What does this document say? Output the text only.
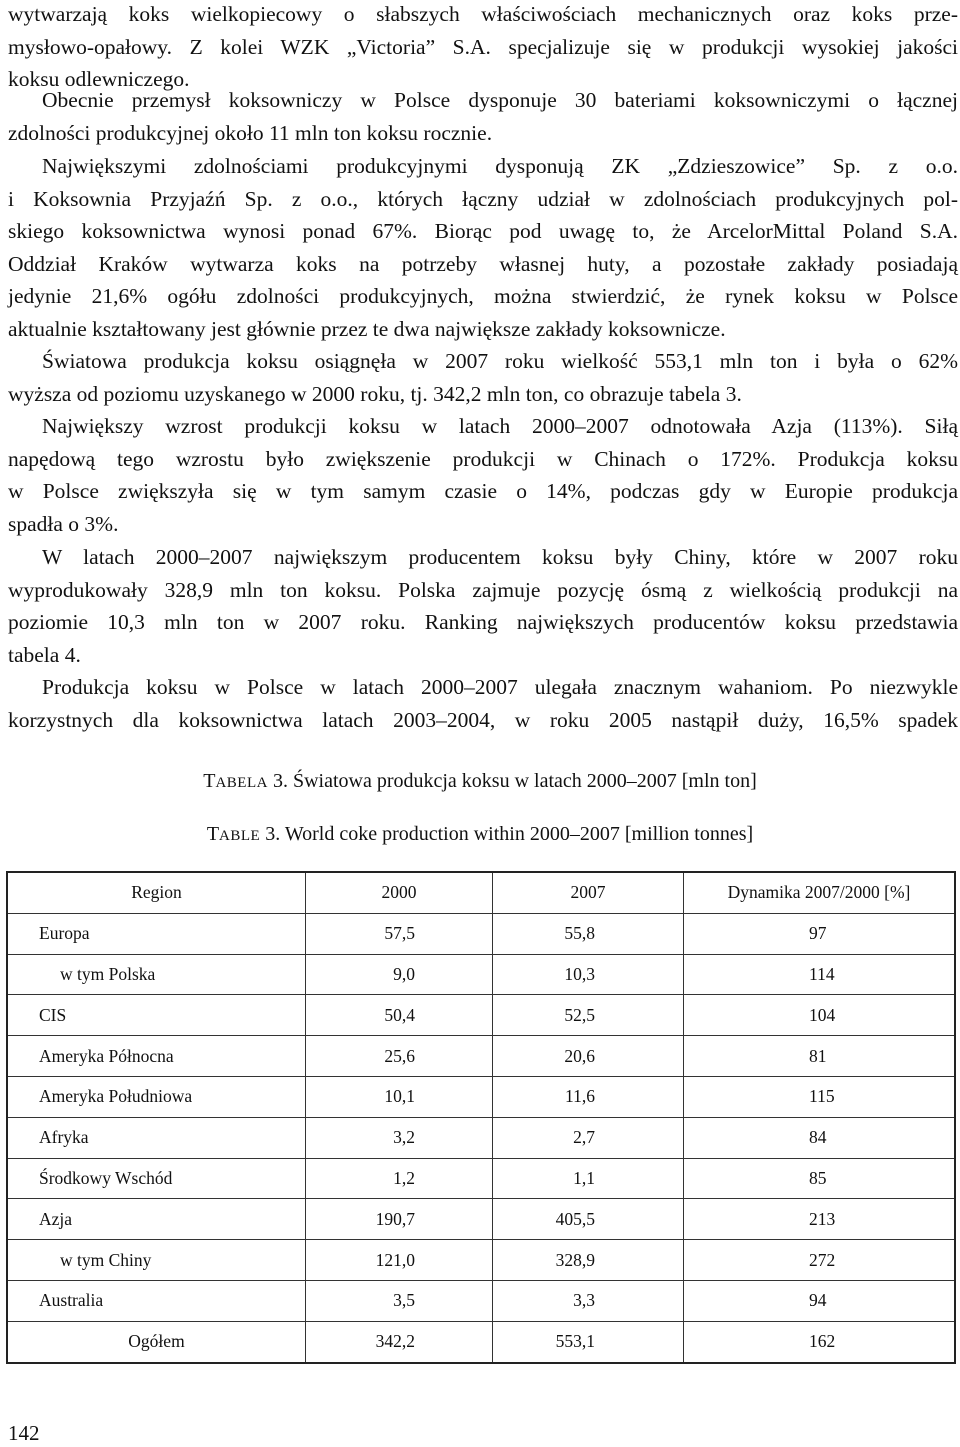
wytwarzają koks wielkopiecowy o słabszych właściwościach mechanicznych oraz koks prze-
mysłowo-opałowy. Z kolei WZK „Victoria” S.A. specjalizuje się w produkcji wysokiej jakości
koksu odlewniczego.
Obecnie przemysł koksowniczy w Polsce dysponuje 30 bateriami koksowniczymi o łącznej
zdolności produkcyjnej około 11 mln ton koksu rocznie.
Największymi zdolnościami produkcyjnymi dysponują ZK „Zdzieszowice” Sp. z o.o.
i Koksownia Przyjaźń Sp. z o.o., których łączny udział w zdolnościach produkcyjnych pol-
skiego koksownictwa wynosi ponad 67%. Biorąc pod uwagę to, że ArcelorMittal Poland S.A.
Oddział Kraków wytwarza koks na potrzeby własnej huty, a pozostałe zakłady posiadają
jedynie 21,6% ogółu zdolności produkcyjnych, można stwierdzić, że rynek koksu w Polsce
aktualnie kształtowany jest głównie przez te dwa największe zakłady koksownicze.
Światowa produkcja koksu osiągnęła w 2007 roku wielkość 553,1 mln ton i była o 62%
wyższa od poziomu uzyskanego w 2000 roku, tj. 342,2 mln ton, co obrazuje tabela 3.
Największy wzrost produkcji koksu w latach 2000–2007 odnotowała Azja (113%). Siłą
napędową tego wzrostu było zwiększenie produkcji w Chinach o 172%. Produkcja koksu
w Polsce zwiększyła się w tym samym czasie o 14%, podczas gdy w Europie produkcja
spadła o 3%.
W latach 2000–2007 największym producentem koksu były Chiny, które w 2007 roku
wyprodukowały 328,9 mln ton koksu. Polska zajmuje pozycję ósmą z wielkością produkcji na
poziomie 10,3 mln ton w 2007 roku. Ranking największych producentów koksu przedstawia
tabela 4.
Produkcja koksu w Polsce w latach 2000–2007 ulegała znacznym wahaniom. Po niezwykle
korzystnych dla koksownictwa latach 2003–2004, w roku 2005 nastąpił duży, 16,5% spadek
TABELA 3. Światowa produkcja koksu w latach 2000–2007 [mln ton]
TABLE 3. World coke production within 2000–2007 [million tonnes]
Region	2000	2007	Dynamika 2007/2000 [%]
Europa	57,5	55,8	97
w tym Polska	9,0	10,3	114
CIS	50,4	52,5	104
Ameryka Północna	25,6	20,6	81
Ameryka Południowa	10,1	11,6	115
Afryka	3,2	2,7	84
Środkowy Wschód	1,2	1,1	85
Azja	190,7	405,5	213
w tym Chiny	121,0	328,9	272
Australia	3,5	3,3	94
Ogółem	342,2	553,1	162
142
